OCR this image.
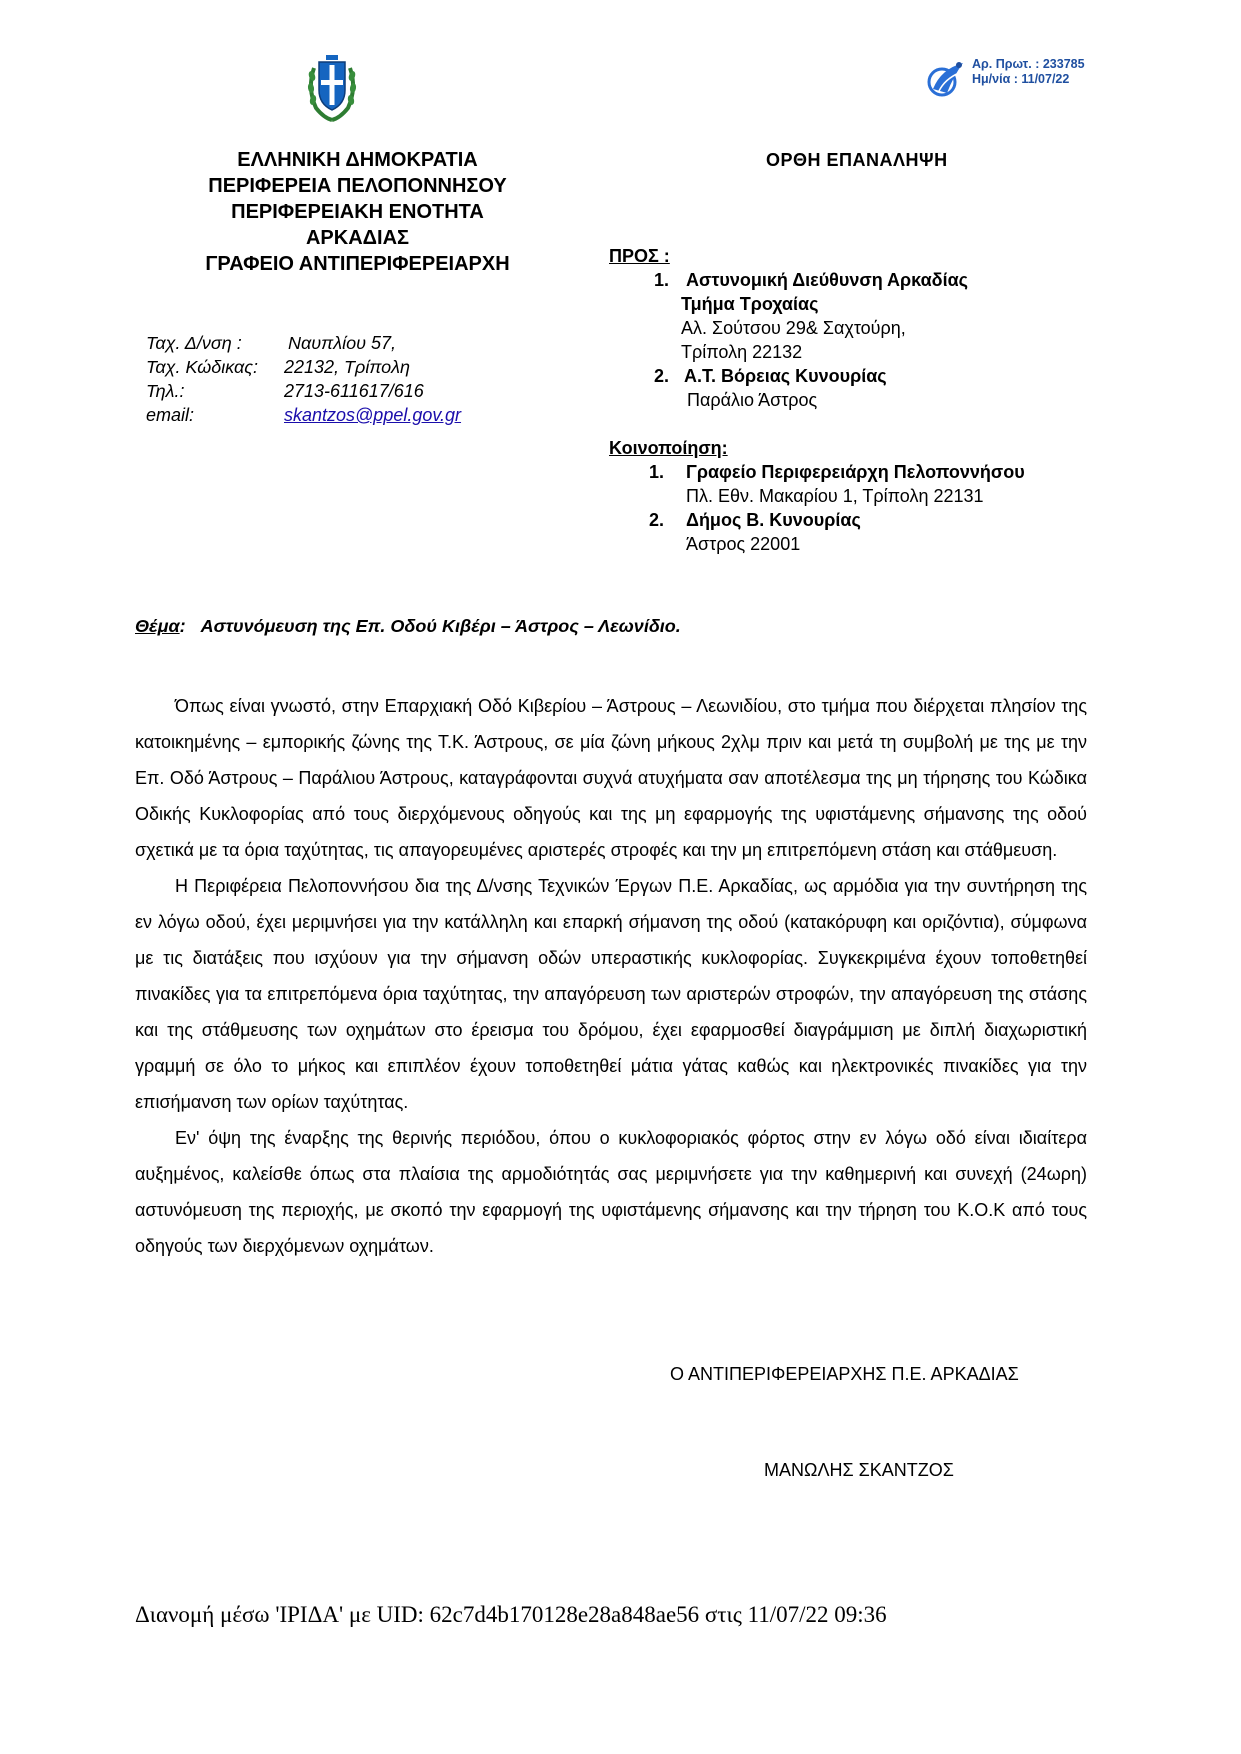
Αρ. Πρωτ. : 233785
Ημ/νία : 11/07/22
ΕΛΛΗΝΙΚΗ ΔΗΜΟΚΡΑΤΙΑ
ΠΕΡΙΦΕΡΕΙΑ ΠΕΛΟΠΟΝΝΗΣΟΥ
ΠΕΡΙΦΕΡΕΙΑΚΗ ΕΝΟΤΗΤΑ
ΑΡΚΑΔΙΑΣ
ΓΡΑΦΕΙΟ ΑΝΤΙΠΕΡΙΦΕΡΕΙΑΡΧΗ
Ταχ. Δ/νση :	Ναυπλίου 57,
Ταχ. Κώδικας: 22132, Τρίπολη
Τηλ.:	2713-611617/616
email:	skantzos@ppel.gov.gr
ΟΡΘΗ ΕΠΑΝΑΛΗΨΗ
ΠΡΟΣ :
1. Αστυνομική Διεύθυνση Αρκαδίας
Τμήμα Τροχαίας
Αλ. Σούτσου 29& Σαχτούρη,
Τρίπολη 22132
2. Α.Τ. Βόρειας Κυνουρίας
Παράλιο Άστρος
Κοινοποίηση:
1. Γραφείο Περιφερειάρχη Πελοποννήσου
Πλ. Εθν. Μακαρίου 1, Τρίπολη 22131
2. Δήμος Β. Κυνουρίας
Άστρος 22001
Θέμα:   Αστυνόμευση της Επ. Οδού Κιβέρι – Άστρος – Λεωνίδιο.

Όπως είναι γνωστό, στην Επαρχιακή Οδό Κιβερίου – Άστρους – Λεωνιδίου, στο τμήμα που διέρχεται πλησίον της κατοικημένης – εμπορικής ζώνης της Τ.Κ. Άστρους, σε μία ζώνη μήκους 2χλμ πριν και μετά τη συμβολή με της με την Επ. Οδό Άστρους – Παράλιου Άστρους, καταγράφονται συχνά ατυχήματα σαν αποτέλεσμα της μη τήρησης του Κώδικα Οδικής Κυκλοφορίας από τους διερχόμενους οδηγούς και της μη εφαρμογής της υφιστάμενης σήμανσης της οδού σχετικά με τα όρια ταχύτητας, τις απαγορευμένες αριστερές στροφές και την μη επιτρεπόμενη στάση και στάθμευση.

Η Περιφέρεια Πελοποννήσου δια της Δ/νσης Τεχνικών Έργων Π.Ε. Αρκαδίας, ως αρμόδια για την συντήρηση της εν λόγω οδού, έχει μεριμνήσει για την κατάλληλη και επαρκή σήμανση της οδού (κατακόρυφη και οριζόντια), σύμφωνα με τις διατάξεις που ισχύουν για την σήμανση οδών υπεραστικής κυκλοφορίας. Συγκεκριμένα έχουν τοποθετηθεί πινακίδες για τα επιτρεπόμενα όρια ταχύτητας, την απαγόρευση των αριστερών στροφών, την απαγόρευση της στάσης και της στάθμευσης των οχημάτων στο έρεισμα του δρόμου, έχει εφαρμοσθεί διαγράμμιση με διπλή διαχωριστική γραμμή σε όλο το μήκος και επιπλέον έχουν τοποθετηθεί μάτια γάτας καθώς και ηλεκτρονικές πινακίδες για την επισήμανση των ορίων ταχύτητας.

Εν' όψη της έναρξης της θερινής περιόδου, όπου ο κυκλοφοριακός φόρτος στην εν λόγω οδό είναι ιδιαίτερα αυξημένος, καλείσθε όπως στα πλαίσια της αρμοδιότητάς σας μεριμνήσετε για την καθημερινή και συνεχή (24ωρη) αστυνόμευση της περιοχής, με σκοπό την εφαρμογή της υφιστάμενης σήμανσης και την τήρηση του Κ.Ο.Κ από τους οδηγούς των διερχόμενων οχημάτων.

Ο ΑΝΤΙΠΕΡΙΦΕΡΕΙΑΡΧΗΣ Π.Ε. ΑΡΚΑΔΙΑΣ
ΜΑΝΩΛΗΣ ΣΚΑΝΤΖΟΣ
Διανομή μέσω 'ΙΡΙΔΑ' με UID: 62c7d4b170128e28a848ae56 στις 11/07/22 09:36
